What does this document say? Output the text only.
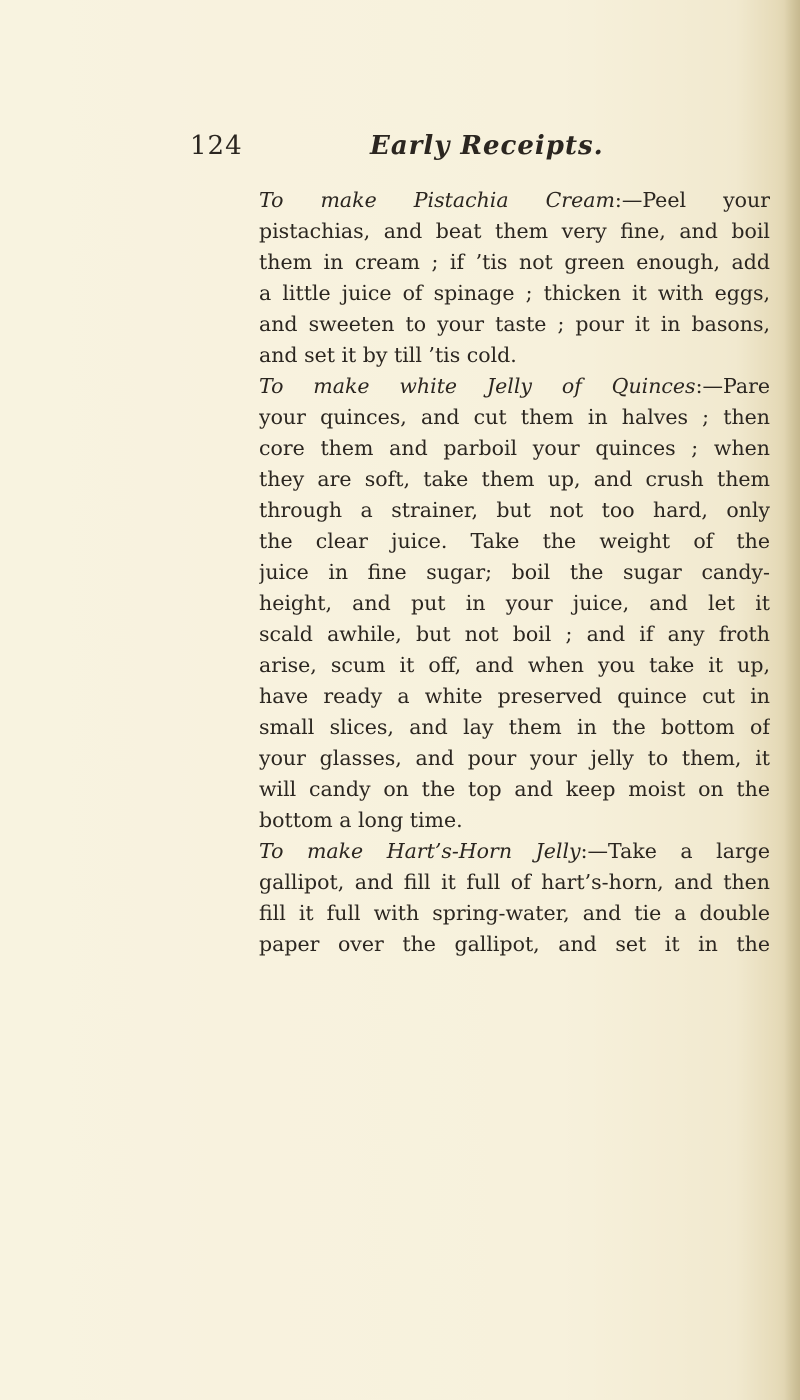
124	Early Receipts.
To make Pistachia Cream:—Peel your
pistachias, and beat them very fine, and boil
them in cream ; if ’tis not green enough, add
a little juice of spinage ; thicken it with eggs,
and sweeten to your taste ; pour it in basons,
and set it by till ’tis cold.
To make white Jelly of Quinces:—Pare
your quinces, and cut them in halves ; then
core them and parboil your quinces ; when
they are soft, take them up, and crush them
through a strainer, but not too hard, only
the clear juice. Take the weight of the
juice in fine sugar; boil the sugar candy-
height, and put in your juice, and let it
scald awhile, but not boil ; and if any froth
arise, scum it off, and when you take it up,
have ready a white preserved quince cut in
small slices, and lay them in the bottom of
your glasses, and pour your jelly to them, it
will candy on the top and keep moist on the
bottom a long time.
To make Hart’s-Horn Jelly:—Take a large
gallipot, and fill it full of hart’s-horn, and then
fill it full with spring-water, and tie a double
paper over the gallipot, and set it in the
